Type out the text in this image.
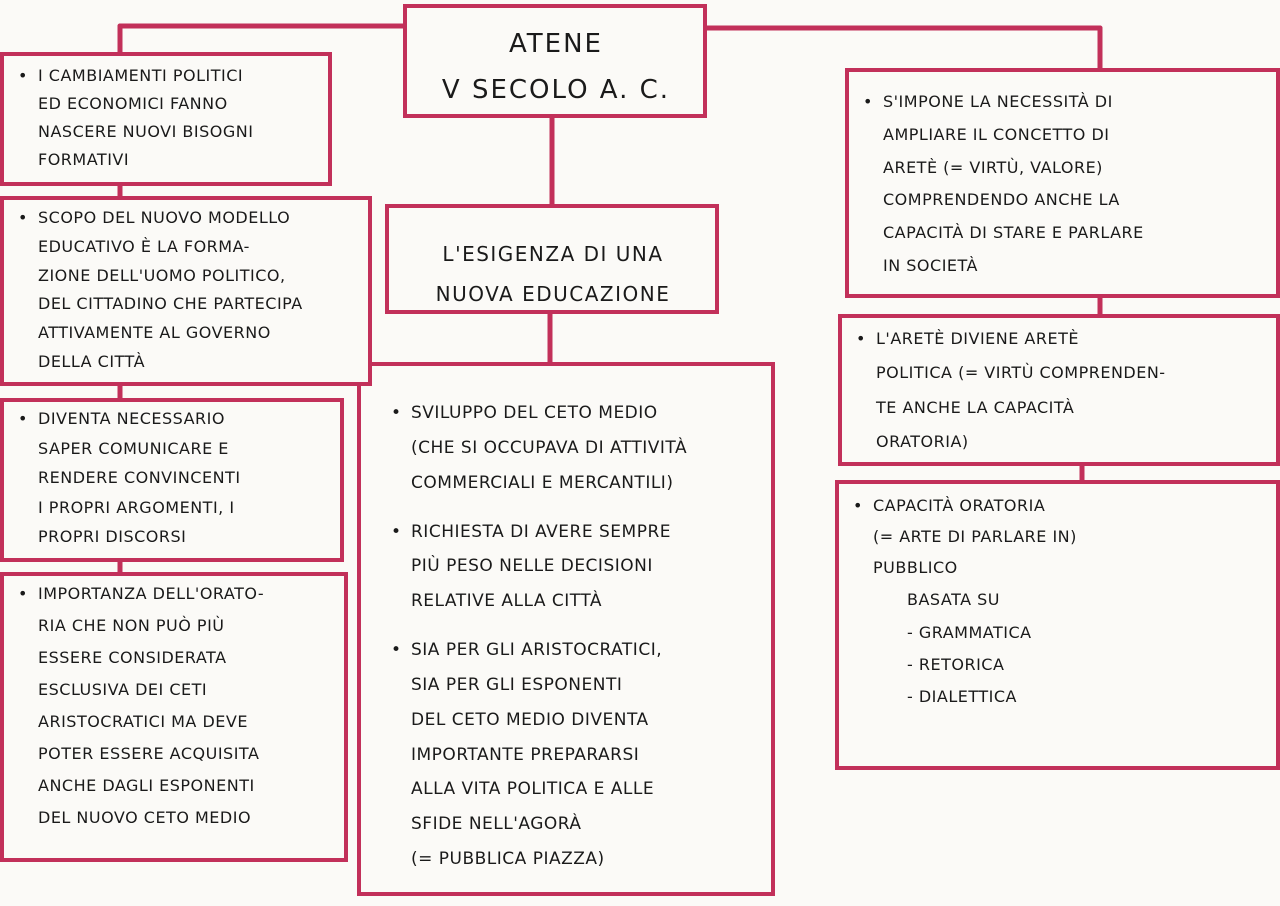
ATENE
V SECOLO A. C.
L'ESIGENZA DI UNA
NUOVA EDUCAZIONE
• SVILUPPO DEL CETO MEDIO
(CHE SI OCCUPAVA DI ATTIVITÀ
COMMERCIALI E MERCANTILI)
• RICHIESTA DI AVERE SEMPRE
PIÙ PESO NELLE DECISIONI
RELATIVE ALLA CITTÀ
• SIA PER GLI ARISTOCRATICI,
SIA PER GLI ESPONENTI
DEL CETO MEDIO DIVENTA
IMPORTANTE PREPARARSI
ALLA VITA POLITICA E ALLE
SFIDE NELL'AGORÀ
(= PUBBLICA PIAZZA)
• I CAMBIAMENTI POLITICI
ED ECONOMICI FANNO
NASCERE NUOVI BISOGNI
FORMATIVI
• SCOPO DEL NUOVO MODELLO
EDUCATIVO È LA FORMA-
ZIONE DELL'UOMO POLITICO,
DEL CITTADINO CHE PARTECIPA
ATTIVAMENTE AL GOVERNO
DELLA CITTÀ
• DIVENTA NECESSARIO
SAPER COMUNICARE E
RENDERE CONVINCENTI
I PROPRI ARGOMENTI, I
PROPRI DISCORSI
• IMPORTANZA DELL'ORATO-
RIA CHE NON PUÒ PIÙ
ESSERE CONSIDERATA
ESCLUSIVA DEI CETI
ARISTOCRATICI MA DEVE
POTER ESSERE ACQUISITA
ANCHE DAGLI ESPONENTI
DEL NUOVO CETO MEDIO
• S'IMPONE LA NECESSITÀ DI
AMPLIARE IL CONCETTO DI
ARETÈ (= VIRTÙ, VALORE)
COMPRENDENDO ANCHE LA
CAPACITÀ DI STARE E PARLARE
IN SOCIETÀ
• L'ARETÈ DIVIENE ARETÈ
POLITICA (= VIRTÙ COMPRENDEN-
TE ANCHE LA CAPACITÀ
ORATORIA)
• CAPACITÀ ORATORIA
(= ARTE DI PARLARE IN)
PUBBLICO
BASATA SU
- GRAMMATICA
- RETORICA
- DIALETTICA
